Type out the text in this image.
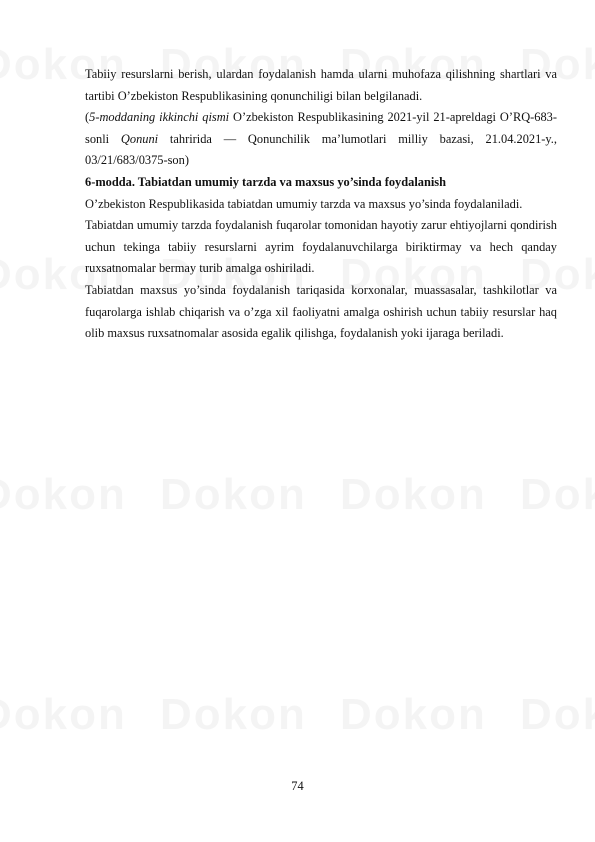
Tabiiy resurslarni berish, ulardan foydalanish hamda ularni muhofaza qilishning shartlari va tartibi O’zbekiston Respublikasining qonunchiligi bilan belgilanadi.

(5-moddaning ikkinchi qismi O’zbekiston Respublikasining 2021-yil 21-apreldagi O’RQ-683-sonli Qonuni tahririda — Qonunchilik ma’lumotlari milliy bazasi, 21.04.2021-y., 03/21/683/0375-son)

6-modda. Tabiatdan umumiy tarzda va maxsus yo’sinda foydalanish

O’zbekiston Respublikasida tabiatdan umumiy tarzda va maxsus yo’sinda foydalaniladi.

Tabiatdan umumiy tarzda foydalanish fuqarolar tomonidan hayotiy zarur ehtiyojlarni qondirish uchun tekinga tabiiy resurslarni ayrim foydalanuvchilarga biriktirmay va hech qanday ruxsatnomalar bermay turib amalga oshiriladi.

Tabiatdan maxsus yo’sinda foydalanish tariqasida korxonalar, muassasalar, tashkilotlar va fuqarolarga ishlab chiqarish va o’zga xil faoliyatni amalga oshirish uchun tabiiy resurslar haq olib maxsus ruxsatnomalar asosida egalik qilishga, foydalanish yoki ijaraga beriladi.

74
